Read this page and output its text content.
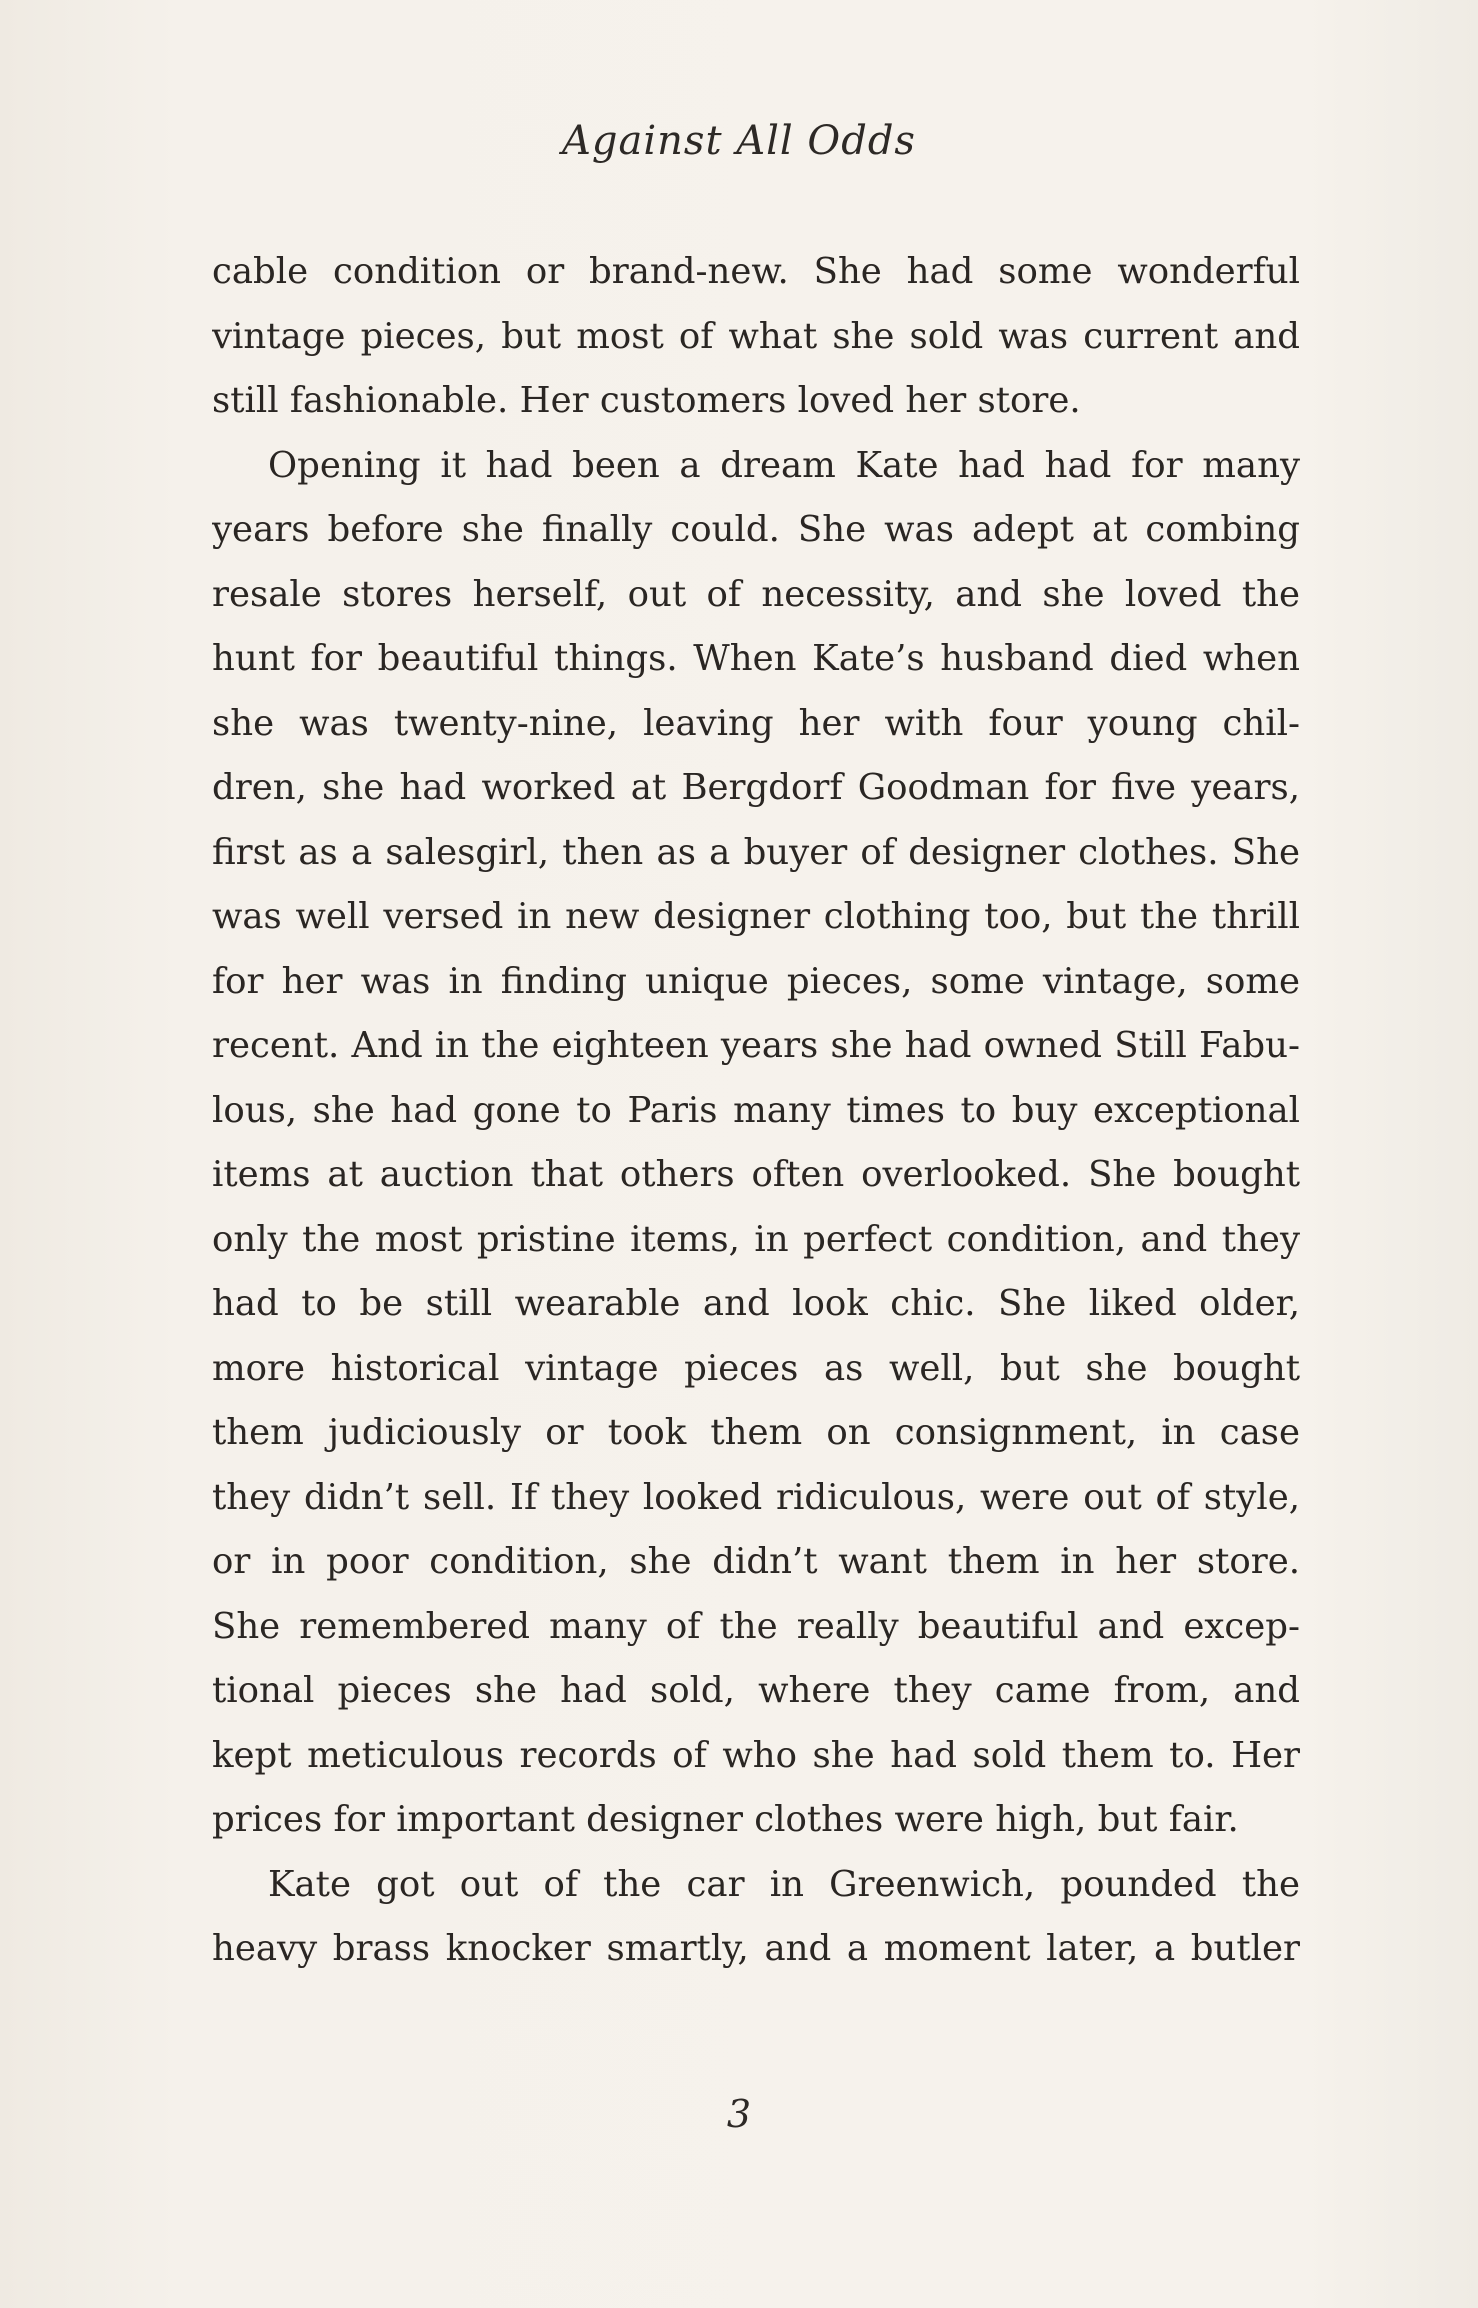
Against All Odds
cable condition or brand-new. She had some wonderful
vintage pieces, but most of what she sold was current and
still fashionable. Her customers loved her store.
Opening it had been a dream Kate had had for many
years before she finally could. She was adept at combing
resale stores herself, out of necessity, and she loved the
hunt for beautiful things. When Kate’s husband died when
she was twenty-nine, leaving her with four young chil-
dren, she had worked at Bergdorf Goodman for five years,
first as a salesgirl, then as a buyer of designer clothes. She
was well versed in new designer clothing too, but the thrill
for her was in finding unique pieces, some vintage, some
recent. And in the eighteen years she had owned Still Fabu-
lous, she had gone to Paris many times to buy exceptional
items at auction that others often overlooked. She bought
only the most pristine items, in perfect condition, and they
had to be still wearable and look chic. She liked older,
more historical vintage pieces as well, but she bought
them judiciously or took them on consignment, in case
they didn’t sell. If they looked ridiculous, were out of style,
or in poor condition, she didn’t want them in her store.
She remembered many of the really beautiful and excep-
tional pieces she had sold, where they came from, and
kept meticulous records of who she had sold them to. Her
prices for important designer clothes were high, but fair.
Kate got out of the car in Greenwich, pounded the
heavy brass knocker smartly, and a moment later, a butler
3
